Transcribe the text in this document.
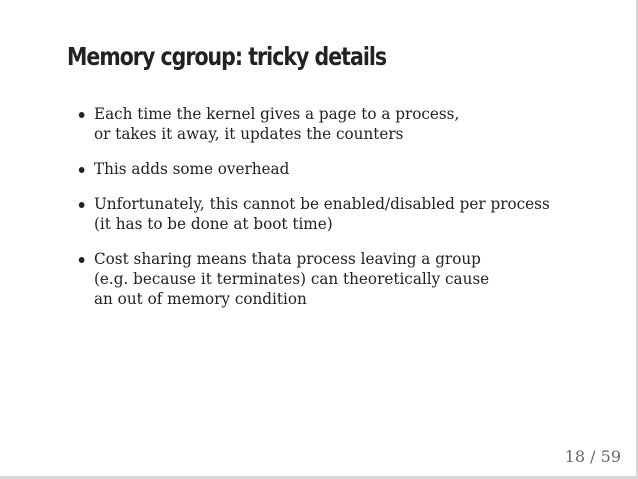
Memory cgroup: tricky details
Each time the kernel gives a page to a process,
or takes it away, it updates the counters
This adds some overhead
Unfortunately, this cannot be enabled/disabled per process
(it has to be done at boot time)
Cost sharing means thata process leaving a group
(e.g. because it terminates) can theoretically cause
an out of memory condition
18 / 59
